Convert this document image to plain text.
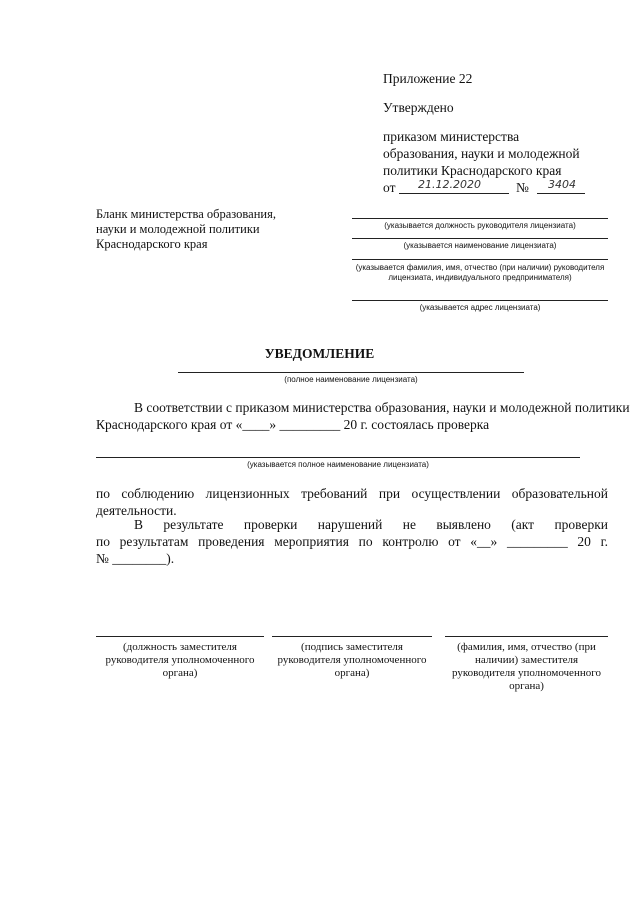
Приложение 22
Утверждено
приказом министерства
образования, науки и молодежной
политики Краснодарского края
от 21.12.2020	№ 3404
Бланк министерства образования,
науки и молодежной политики
Краснодарского края
(указывается должность руководителя лицензиата)
(указывается наименование лицензиата)
(указывается фамилия, имя, отчество (при наличии) руководителя
лицензиата, индивидуального предпринимателя)
(указывается адрес лицензиата)
УВЕДОМЛЕНИЕ
(полное наименование лицензиата)
В соответствии с приказом министерства образования, науки и молодежной политики
Краснодарского края от «____» _________ 20 г. состоялась проверка
(указывается полное наименование лицензиата)
по соблюдению лицензионных требований при осуществлении образовательной
деятельности.
В результате проверки нарушений не выявлено (акт проверки
по результатам проведения мероприятия по контролю от «__» _________ 20 г.
№ ________).
(должность заместителя
руководителя уполномоченного
органа)
(подпись заместителя
руководителя уполномоченного
органа)
(фамилия, имя, отчество (при
наличии) заместителя
руководителя уполномоченного
органа)
